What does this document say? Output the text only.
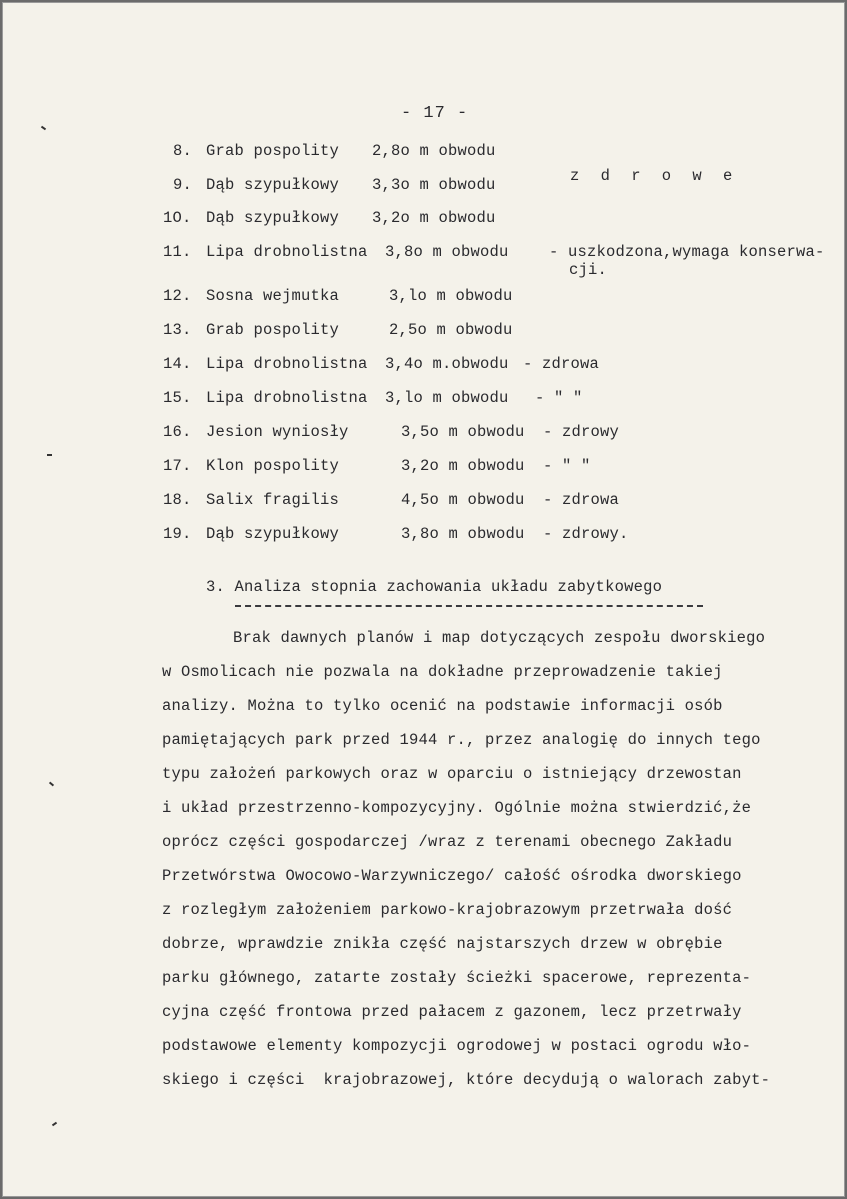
- 17 -
8. Grab pospolity 2,8o m obwodu
9. Dąb szypułkowy 3,3o m obwodu	z d r o w e
1O. Dąb szypułkowy 3,2o m obwodu
11. Lipa drobnolistna 3,8o m obwodu	- uszkodzona,wymaga konserwa-
cji.
12. Sosna wejmutka	3,lo m obwodu
13. Grab pospolity	2,5o m obwodu
14. Lipa drobnolistna 3,4o m.obwodu - zdrowa
15. Lipa drobnolistna 3,lo m obwodu - " "
16. Jesion wyniosły	3,5o m obwodu - zdrowy
17. Klon pospolity	3,2o m obwodu - " "
18. Salix fragilis	4,5o m obwodu - zdrowa
19. Dąb szypułkowy	3,8o m obwodu - zdrowy.
3. Analiza stopnia zachowania układu zabytkowego
Brak dawnych planów i map dotyczących zespołu dworskiego
w Osmolicach nie pozwala na dokładne przeprowadzenie takiej
analizy. Można to tylko ocenić na podstawie informacji osób
pamiętających park przed 1944 r., przez analogię do innych tego
typu założeń parkowych oraz w oparciu o istniejący drzewostan
i układ przestrzenno-kompozycyjny. Ogólnie można stwierdzić,że
oprócz części gospodarczej /wraz z terenami obecnego Zakładu
Przetwórstwa Owocowo-Warzywniczego/ całość ośrodka dworskiego
z rozległym założeniem parkowo-krajobrazowym przetrwała dość
dobrze, wprawdzie znikła część najstarszych drzew w obrębie
parku głównego, zatarte zostały ścieżki spacerowe, reprezenta-
cyjna część frontowa przed pałacem z gazonem, lecz przetrwały
podstawowe elementy kompozycji ogrodowej w postaci ogrodu wło-
skiego i części  krajobrazowej, które decydują o walorach zabyt-
